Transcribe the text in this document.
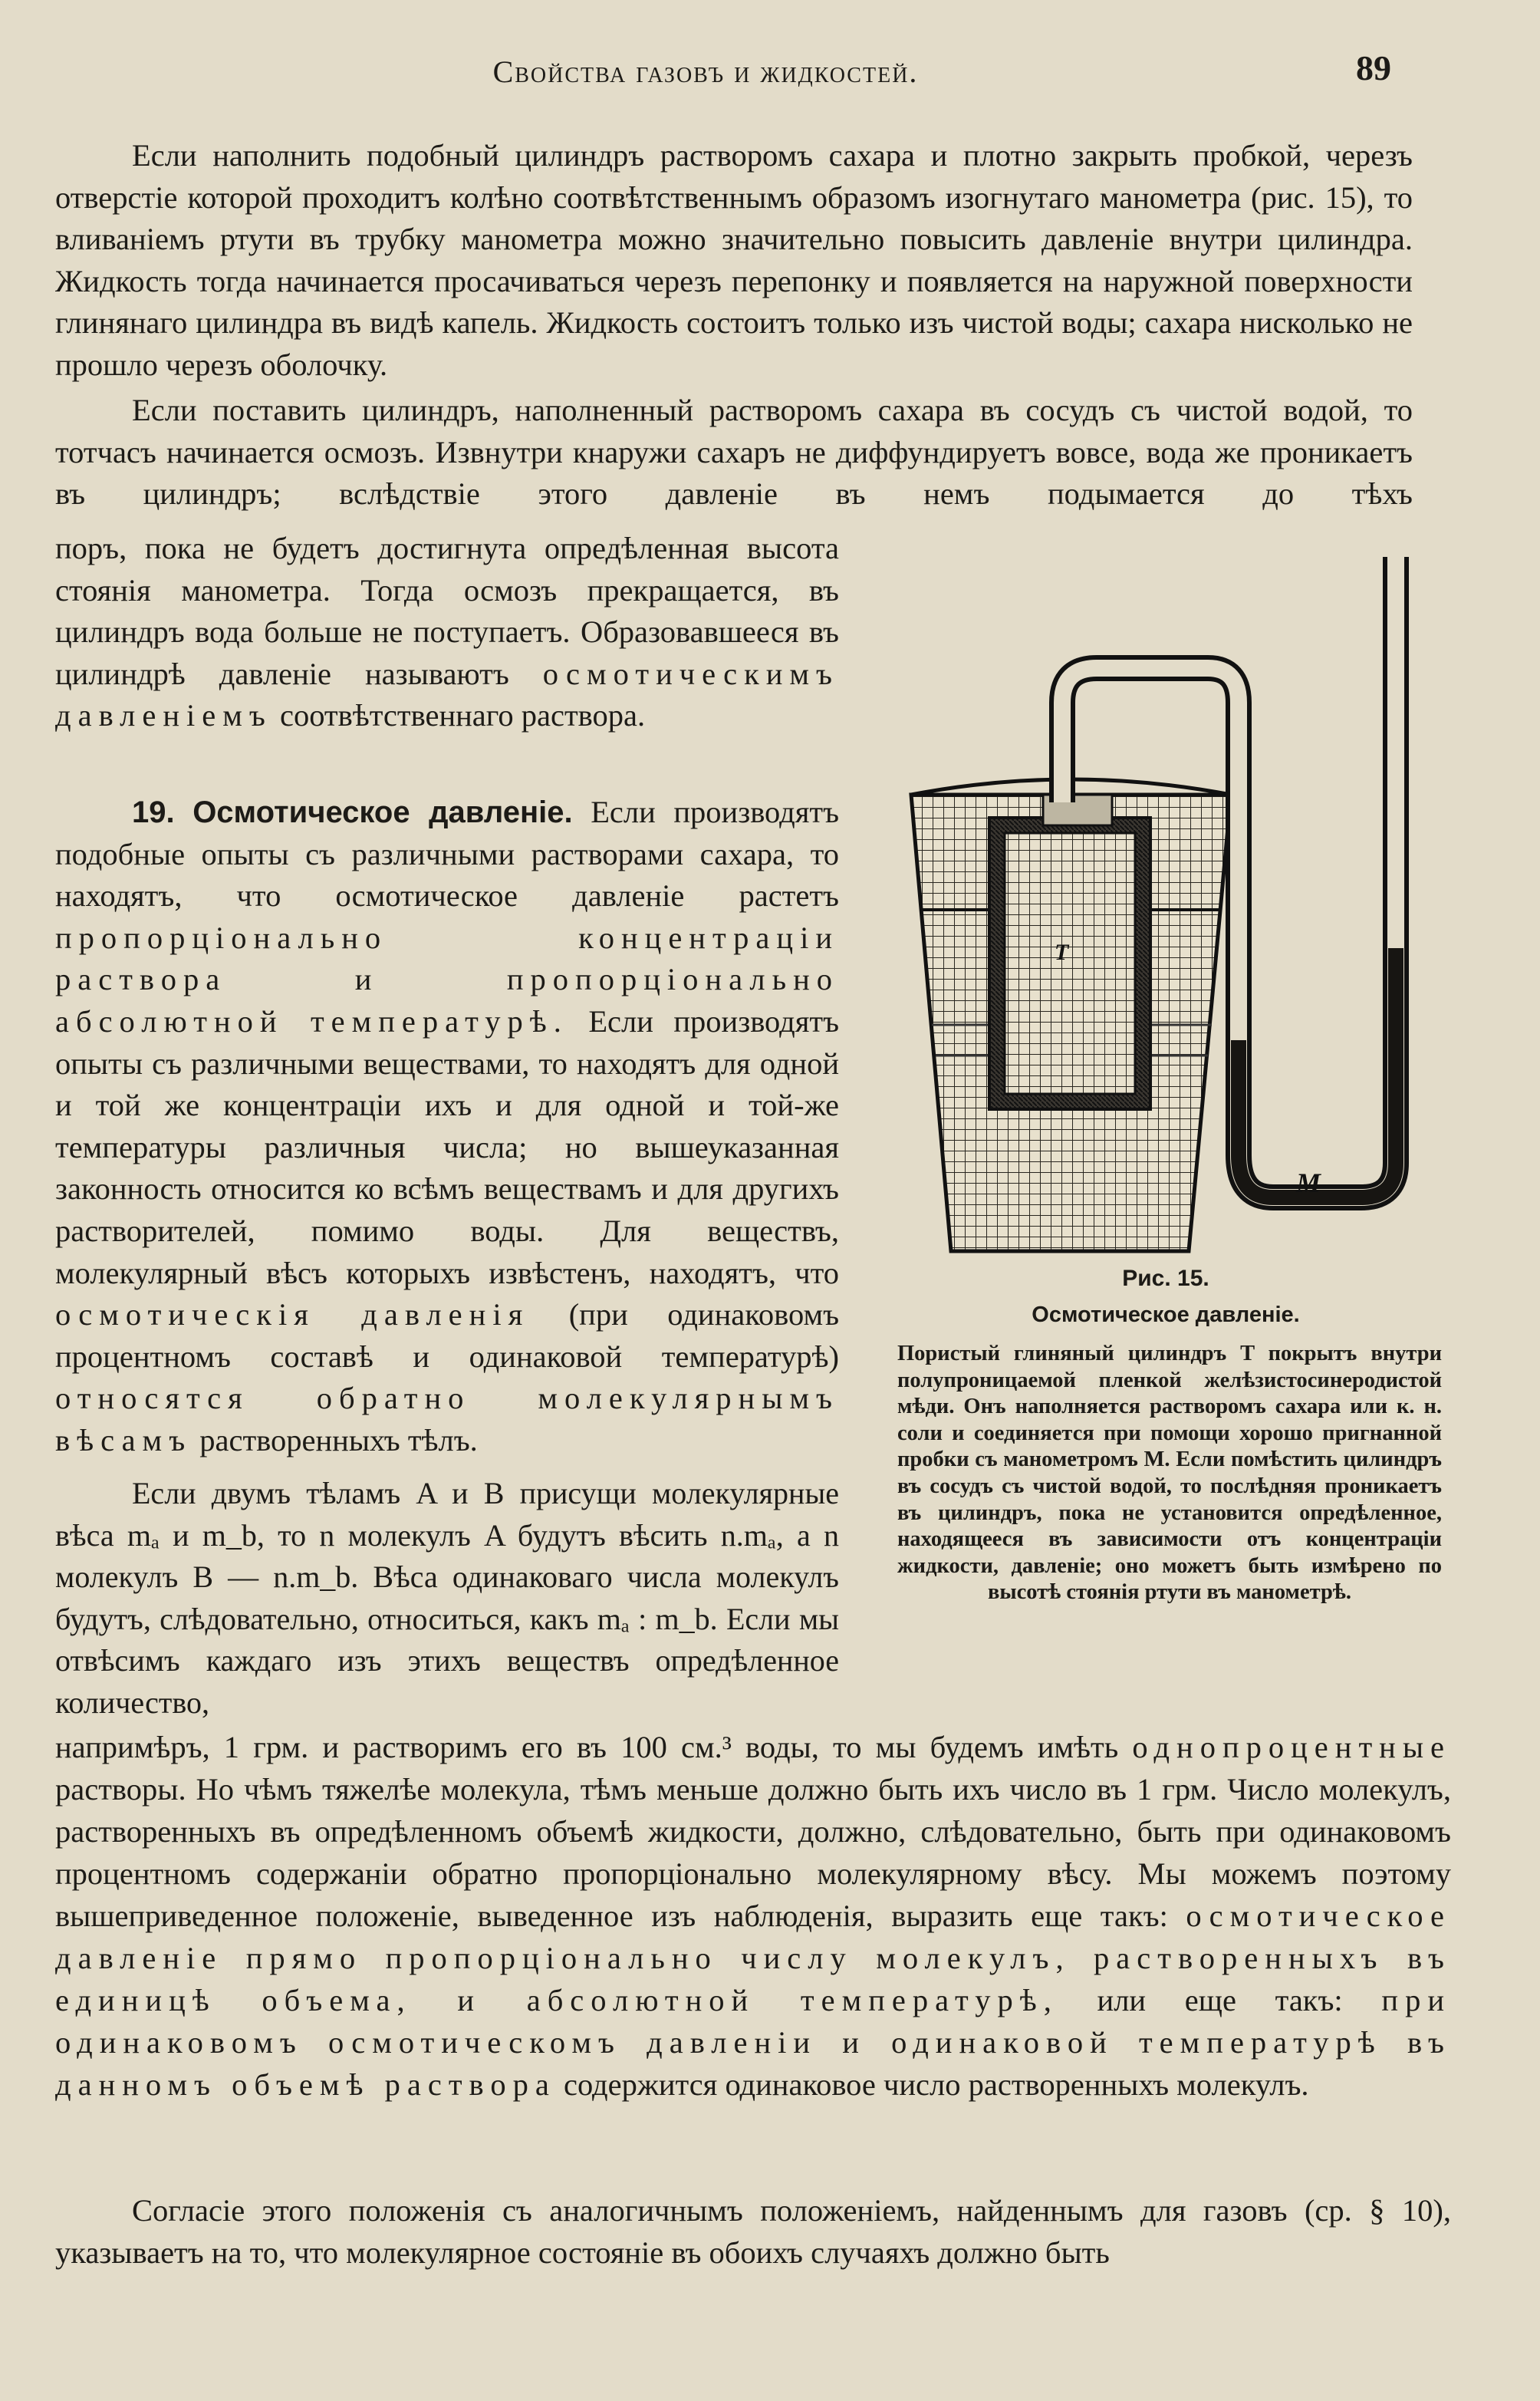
Свойства газовъ и жидкостей.	89

Если наполнить подобный цилиндръ растворомъ сахара и плотно закрыть пробкой, черезъ отверстіе которой проходитъ колѣно соотвѣтственнымъ образомъ изогнутаго манометра (рис. 15), то вливаніемъ ртути въ трубку манометра можно значительно повысить давленіе внутри цилиндра. Жидкость тогда начинается просачиваться черезъ перепонку и появляется на наружной поверхности глинянаго цилиндра въ видѣ капель. Жидкость состоитъ только изъ чистой воды; сахара нисколько не прошло черезъ оболочку.

Если поставить цилиндръ, наполненный растворомъ сахара въ сосудъ съ чистой водой, то тотчасъ начинается осмозъ. Извнутри кнаружи сахаръ не диффундируетъ вовсе, вода же проникаетъ въ цилиндръ; вслѣдствіе этого давленіе въ немъ подымается до тѣхъ

поръ, пока не будетъ достигнута опредѣленная высота стоянія манометра. Тогда осмозъ прекращается, въ цилиндръ вода больше не поступаетъ. Образовавшееся въ цилиндрѣ давленіе называютъ осмотическимъ давленіемъ соотвѣтственнаго раствора.

19. Осмотическое давленіе. Если производятъ подобные опыты съ различными растворами сахара, то находятъ, что осмотическое давленіе растетъ пропорціонально концентраціи раствора и пропорціонально абсолютной температурѣ. Если производятъ опыты съ различными веществами, то находятъ для одной и той же концентраціи ихъ и для одной и той-же температуры различныя числа; но вышеуказанная законность относится ко всѣмъ веществамъ и для другихъ растворителей, помимо воды. Для веществъ, молекулярный вѣсъ которыхъ извѣстенъ, находятъ, что осмотическія давленія (при одинаковомъ процентномъ составѣ и одинаковой температурѣ) относятся обратно молекулярнымъ вѣсамъ растворенныхъ тѣлъ.

Если двумъ тѣламъ A и B присущи молекулярные вѣса mₐ и m_b, то n молекулъ A будутъ вѣсить n.mₐ, а n молекулъ B — n.m_b. Вѣса одинаковаго числа молекулъ будутъ, слѣдовательно, относиться, какъ mₐ : m_b. Если мы отвѣсимъ каждаго изъ этихъ веществъ опредѣленное количество,

напримѣръ, 1 грм. и растворимъ его въ 100 см.³ воды, то мы будемъ имѣть однопроцентные растворы. Но чѣмъ тяжелѣе молекула, тѣмъ меньше должно быть ихъ число въ 1 грм. Число молекулъ, растворенныхъ въ опредѣленномъ объемѣ жидкости, должно, слѣдовательно, быть при одинаковомъ процентномъ содержаніи обратно пропорціонально молекулярному вѣсу. Мы можемъ поэтому вышеприведенное положеніе, выведенное изъ наблюденія, выразить еще такъ: осмотическое давленіе прямо пропорціонально числу молекулъ, растворенныхъ въ единицѣ объема, и абсолютной температурѣ, или еще такъ: при одинаковомъ осмотическомъ давленіи и одинаковой температурѣ въ данномъ объемѣ раствора содержится одинаковое число растворенныхъ молекулъ.

Согласіе этого положенія съ аналогичнымъ положеніемъ, найденнымъ для газовъ (ср. § 10), указываетъ на то, что молекулярное состояніе въ обоихъ случаяхъ должно быть

T
M
Рис. 15.
Осмотическое давленіе.
Пористый глиняный цилиндръ T покрытъ внутри полупроницаемой пленкой желѣзистосинеродистой мѣди. Онъ наполняется растворомъ сахара или к. н. соли и соединяется при помощи хорошо пригнанной пробки съ манометромъ M. Если помѣстить цилиндръ въ сосудъ съ чистой водой, то послѣдняя проникаетъ въ цилиндръ, пока не установится опредѣленное, находящееся въ зависимости отъ концентраціи жидкости, давленіе; оно можетъ быть измѣрено по высотѣ стоянія ртути въ манометрѣ.
